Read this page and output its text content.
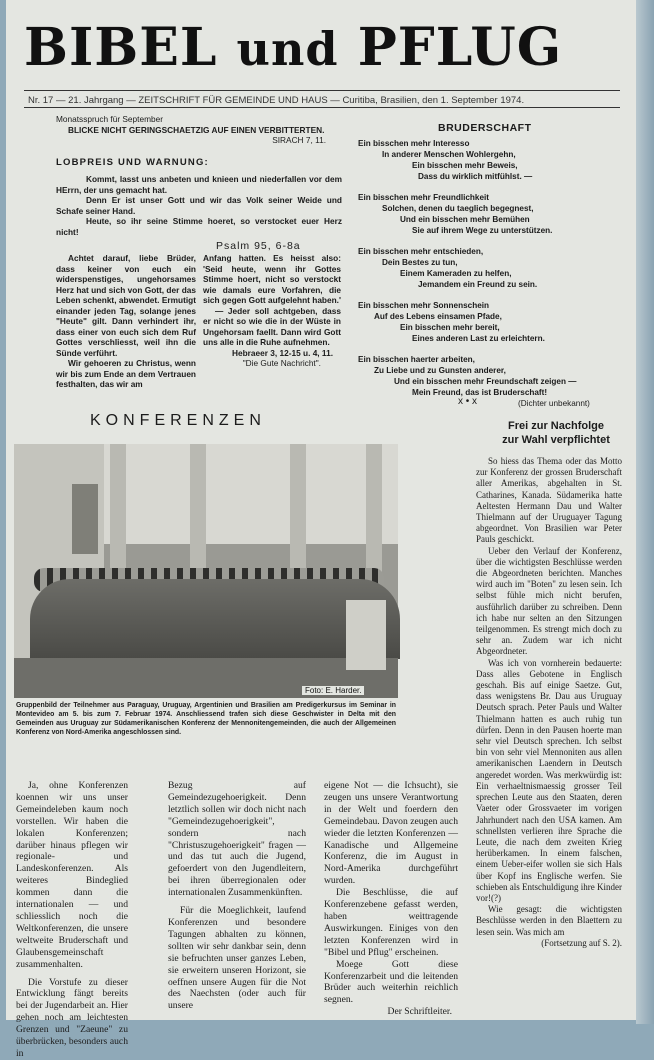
BIBEL und PFLUG
Nr. 17 — 21. Jahrgang — ZEITSCHRIFT FÜR GEMEINDE UND HAUS — Curitiba, Brasilien, den 1. September 1974.
Monatsspruch für September
BLICKE NICHT GERINGSCHAETZIG AUF EINEN VERBITTERTEN.
SIRACH 7, 11.
LOBPREIS UND WARNUNG:

Kommt, lasst uns anbeten und knieen und niederfallen vor dem HErrn, der uns gemacht hat.

Denn Er ist unser Gott und wir das Volk seiner Weide und Schafe seiner Hand.

Heute, so ihr seine Stimme hoeret, so verstocket euer Herz nicht!

Psalm 95, 6-8a

Achtet darauf, liebe Brüder, dass keiner von euch ein widerspenstiges, ungehorsames Herz hat und sich von Gott, der das Leben schenkt, abwendet. Ermutigt einander jeden Tag, solange jenes "Heute" gilt. Dann verhindert ihr, dass einer von euch sich dem Ruf Gottes verschliesst, weil ihn die Sünde verführt.

Wir gehoeren zu Christus, wenn wir bis zum Ende an dem Vertrauen festhalten, das wir am

Anfang hatten. Es heisst also: 'Seid heute, wenn ihr Gottes Stimme hoert, nicht so verstockt wie damals eure Vorfahren, die sich gegen Gott aufgelehnt haben.'

— Jeder soll achtgeben, dass er nicht so wie die in der Wüste in Ungehorsam faellt. Dann wird Gott uns alle in die Ruhe aufnehmen.

Hebraeer 3, 12-15 u. 4, 11.
"Die Gute Nachricht".
BRUDERSCHAFT
Ein bisschen mehr Interesso
In anderer Menschen Wohlergehn,
Ein bisschen mehr Beweis,
Dass du wirklich mitfühlst. —
Ein bisschen mehr Freundlichkeit
Solchen, denen du taeglich begegnest,
Und ein bisschen mehr Bemühen
Sie auf ihrem Wege zu unterstützen.
Ein bisschen mehr entschieden,
Dein Bestes zu tun,
Einem Kameraden zu helfen,
Jemandem ein Freund zu sein.
Ein bisschen mehr Sonnenschein
Auf des Lebens einsamen Pfade,
Ein bisschen mehr bereit,
Eines anderen Last zu erleichtern.
Ein bisschen haerter arbeiten,
Zu Liebe und zu Gunsten anderer,
Und ein bisschen mehr Freundschaft zeigen —
Mein Freund, das ist Bruderschaft!
(Dichter unbekannt)
x • x
KONFERENZEN
Foto: E. Harder.
Gruppenbild der Teilnehmer aus Paraguay, Uruguay, Argentinien und Brasilien am Predigerkursus im Seminar in Montevideo am 5. bis zum 7. Februar 1974. Anschliessend trafen sich diese Geschwister in Delta mit den Gemeinden aus Uruguay zur Südamerikanischen Konferenz der Mennonitengemeinden, die auch der Allgemeinen Konferenz von Nord-Amerika angeschlossen sind.

Ja, ohne Konferenzen koennen wir uns unser Gemeindeleben kaum noch vorstellen. Wir haben die lokalen Konferenzen; darüber hinaus pflegen wir regionale- und Landeskonferenzen. Als weiteres Bindeglied kommen dann die internationalen — und schliesslich noch die Weltkonferenzen, die unsere weltweite Bruderschaft und Glaubensgemeinschaft zusammenhalten.

Die Vorstufe zu dieser Entwicklung fängt bereits bei der Jugendarbeit an. Hier gehen noch am leichtesten Grenzen und "Zaeune" zu überbrücken, besonders auch in

Bezug auf Gemeindezugehoerigkeit. Denn letztlich sollen wir doch nicht nach "Gemeindezugehoerigkeit", sondern nach "Christuszugehoerigkeit" fragen — und das tut auch die Jugend, gefoerdert von den Jugendleitern, bei ihren überregionalen oder internationalen Zusammenkünften.

Für die Moeglichkeit, laufend Konferenzen und besondere Tagungen abhalten zu können, sollten wir sehr dankbar sein, denn sie befruchten unser ganzes Leben, sie erweitern unseren Horizont, sie oeffnen unsere Augen für die Not des Naechsten (oder auch für unsere

eigene Not — die Ichsucht), sie zeugen uns unsere Verantwortung in der Welt und foerdern den Gemeindebau. Davon zeugen auch wieder die letzten Konferenzen — Kanadische und Allgemeine Konferenz, die im August in Nord-Amerika durchgeführt wurden.

Die Beschlüsse, die auf Konferenzebene gefasst werden, haben weittragende Auswirkungen. Einiges von den letzten Konferenzen wird in "Bibel und Pflug" erscheinen.

Moege Gott diese Konferenzarbeit und die leitenden Brüder auch weiterhin reichlich segnen.

Der Schriftleiter.
Frei zur Nachfolge
zur Wahl verpflichtet

So hiess das Thema oder das Motto zur Konferenz der grossen Bruderschaft aller Amerikas, abgehalten in St. Catharines, Kanada. Südamerika hatte Aeltesten Hermann Dau und Walter Thielmann auf der Uruguayer Tagung abgeordnet. Von Brasilien war Peter Pauls geschickt.

Ueber den Verlauf der Konferenz, über die wichtigsten Beschlüsse werden die Abgeordneten berichten. Manches wird auch im "Boten" zu lesen sein. Ich selbst fühle mich nicht berufen, ausführlich darüber zu schreiben. Denn ich habe nur selten an den Sitzungen teilgenommen. Es strengt mich doch zu sehr an. Zudem war ich nicht Abgeordneter.

Was ich von vornherein bedauerte: Dass alles Gebotene in Englisch geschah. Bis auf einige Saetze. Gut, dass wenigstens Br. Dau aus Uruguay Deutsch sprach. Peter Pauls und Walter Thielmann hatten es auch ruhig tun dürfen. Denn in den Pausen hoerte man sehr viel Deutsch sprechen. Ich selbst bin von sehr viel Mennoniten aus allen amerikanischen Laendern in Deutsch angeredet worden. Was merkwürdig ist: Ein verhaeltnismaessig grosser Teil sprechen Leute aus den Staaten, deren Vaeter oder Grossvaeter im vorigen Jahrhundert nach den USA kamen. Am schnellsten verlieren ihre Sprache die Leute, die nach dem zweiten Krieg herüberkamen. In einem falschen, einem Ueber-eifer wollen sie sich Hals über Kopf ins Englische werfen. Sie schieben als Entschuldigung ihre Kinder vor!(?)

Wie gesagt: die wichtigsten Beschlüsse werden in den Blaettern zu lesen sein. Was mich am

(Fortsetzung auf S. 2).
